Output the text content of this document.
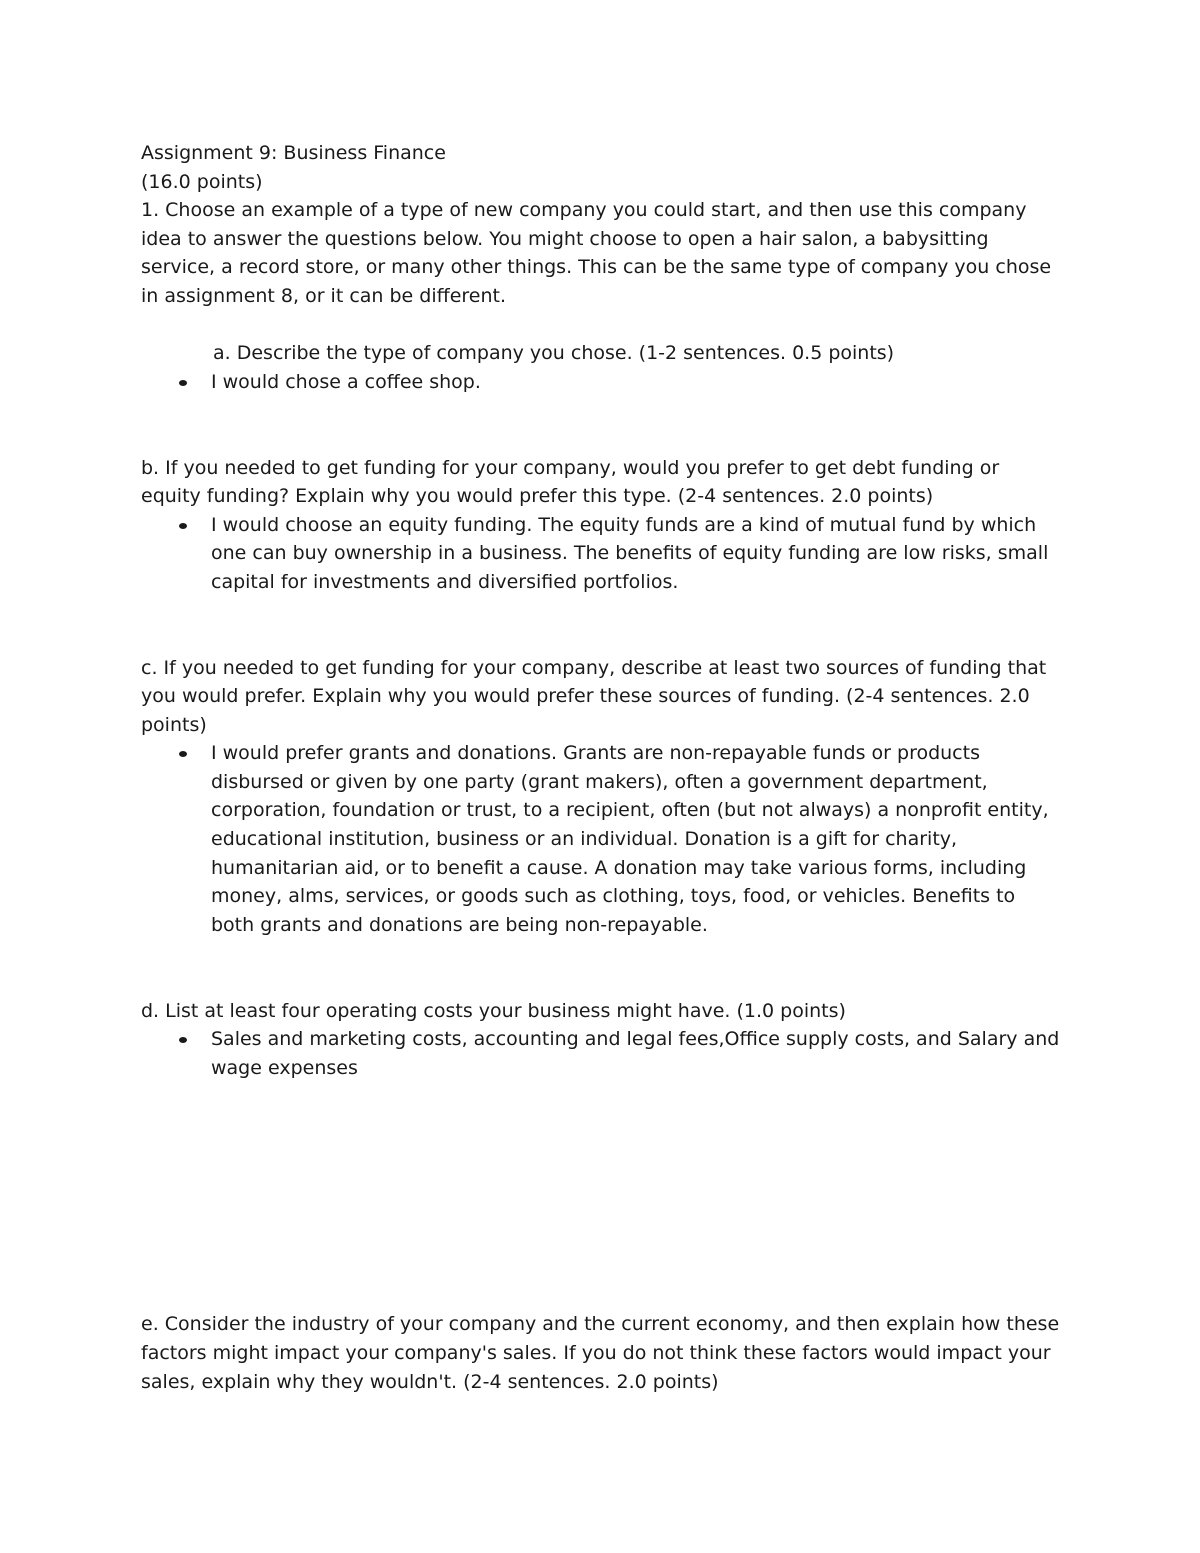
Assignment 9: Business Finance

(16.0 points)

1. Choose an example of a type of new company you could start, and then use this company idea to answer the questions below. You might choose to open a hair salon, a babysitting service, a record store, or many other things. This can be the same type of company you chose in assignment 8, or it can be different.

a. Describe the type of company you chose. (1-2 sentences. 0.5 points)

I would chose a coffee shop.

b. If you needed to get funding for your company, would you prefer to get debt funding or equity funding? Explain why you would prefer this type. (2-4 sentences. 2.0 points)

I would choose an equity funding. The equity funds are a kind of mutual fund by which one can buy ownership in a business. The benefits of equity funding are low risks, small capital for investments and diversified portfolios.

c. If you needed to get funding for your company, describe at least two sources of funding that you would prefer. Explain why you would prefer these sources of funding. (2-4 sentences. 2.0 points)

I would prefer grants and donations. Grants are non-repayable funds or products disbursed or given by one party (grant makers), often a government department, corporation, foundation or trust, to a recipient, often (but not always) a nonprofit entity, educational institution, business or an individual. Donation is a gift for charity, humanitarian aid, or to benefit a cause. A donation may take various forms, including money, alms, services, or goods such as clothing, toys, food, or vehicles. Benefits to both grants and donations are being non-repayable.

d. List at least four operating costs your business might have. (1.0 points)

Sales and marketing costs, accounting and legal fees,Office supply costs, and Salary and wage expenses

e. Consider the industry of your company and the current economy, and then explain how these factors might impact your company's sales. If you do not think these factors would impact your sales, explain why they wouldn't. (2-4 sentences. 2.0 points)
